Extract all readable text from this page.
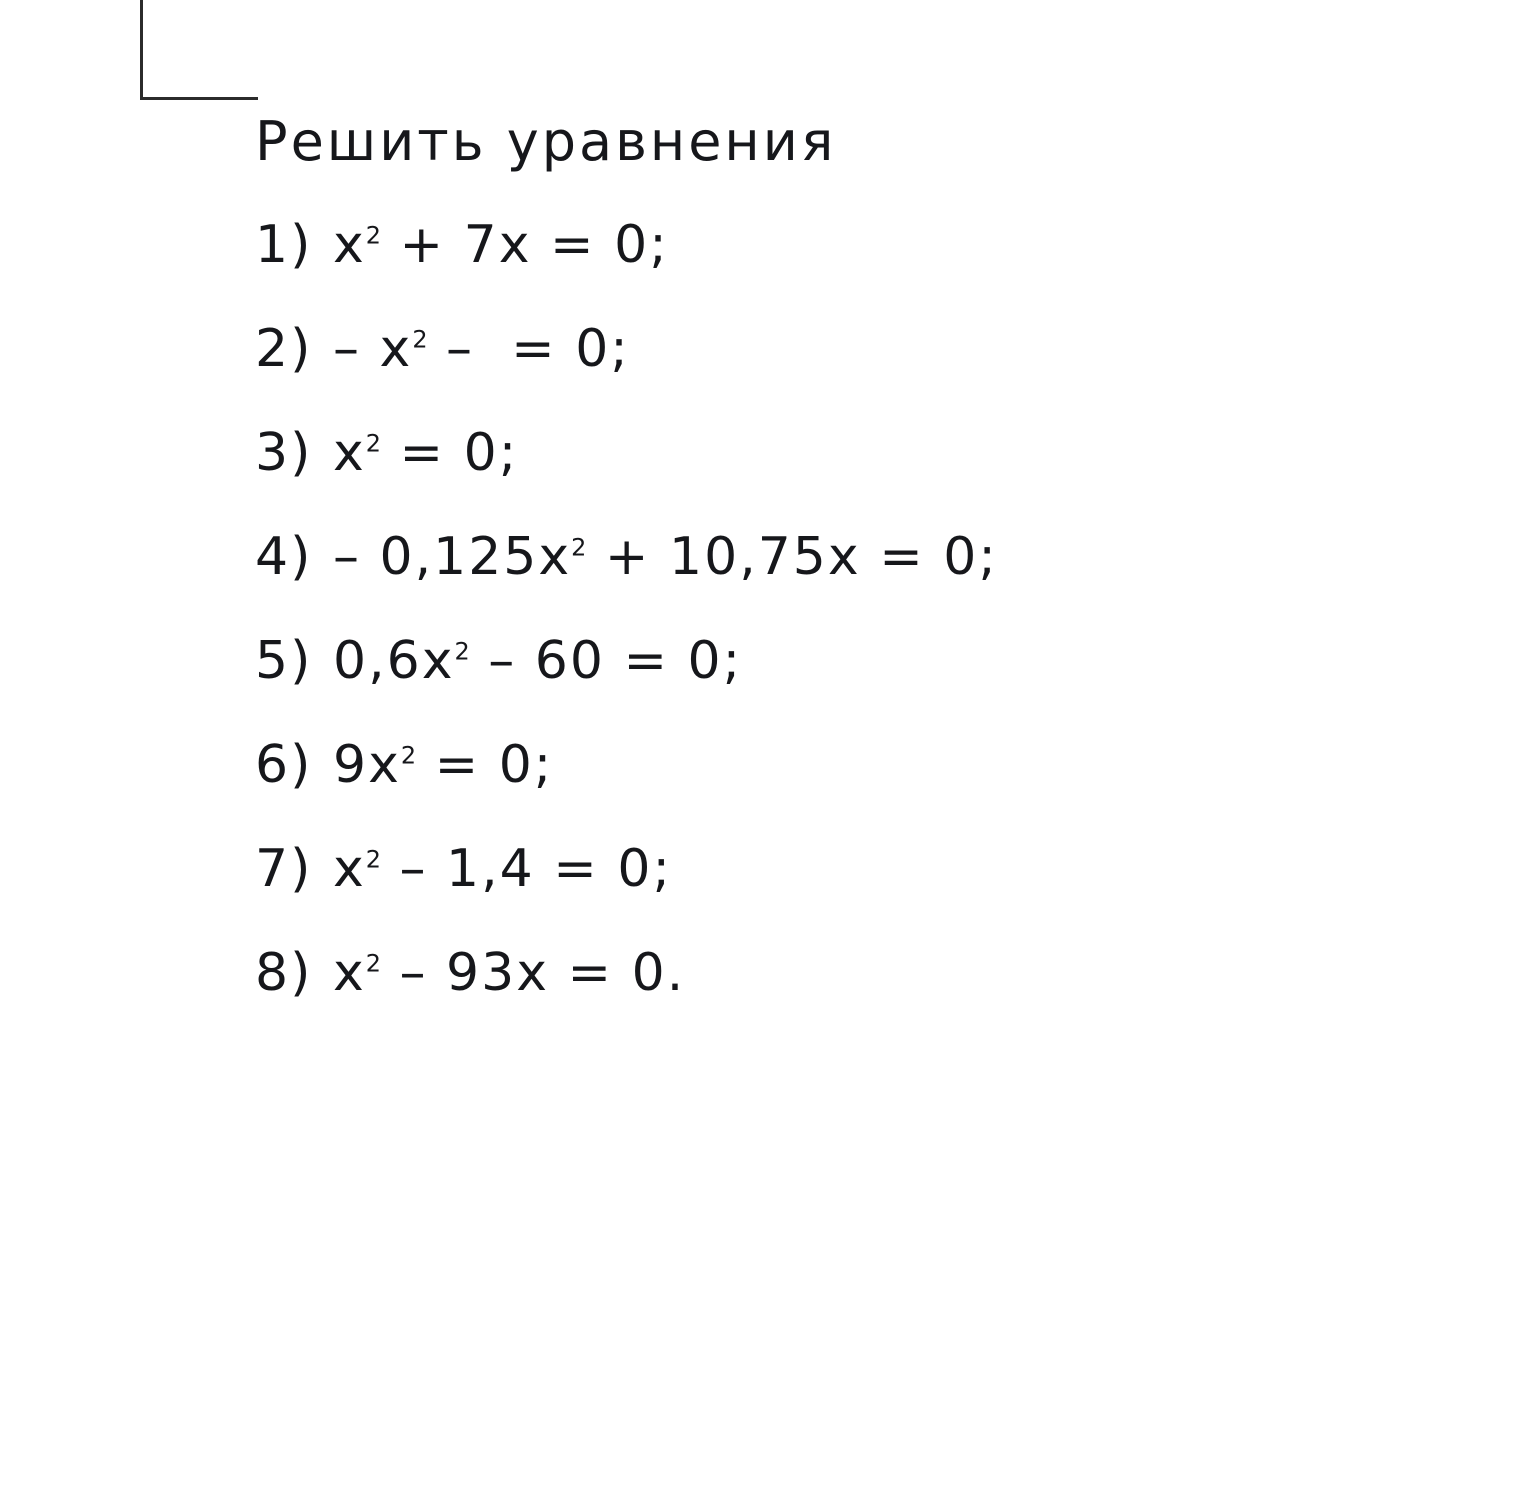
Решить уравнения
1) $x^2 + 7x = 0$;
$2) - x^2$ –  = 0;
3) $x^2 = 0$;
$4) - 0,125x^2 + 10,75x = 0$;
5) $0,6x^2 - 60 = 0$;
6) $9x^2 = 0$;
7) $x^2 - 1,4 = 0$;
8) $x^2 - 93x = 0$.
